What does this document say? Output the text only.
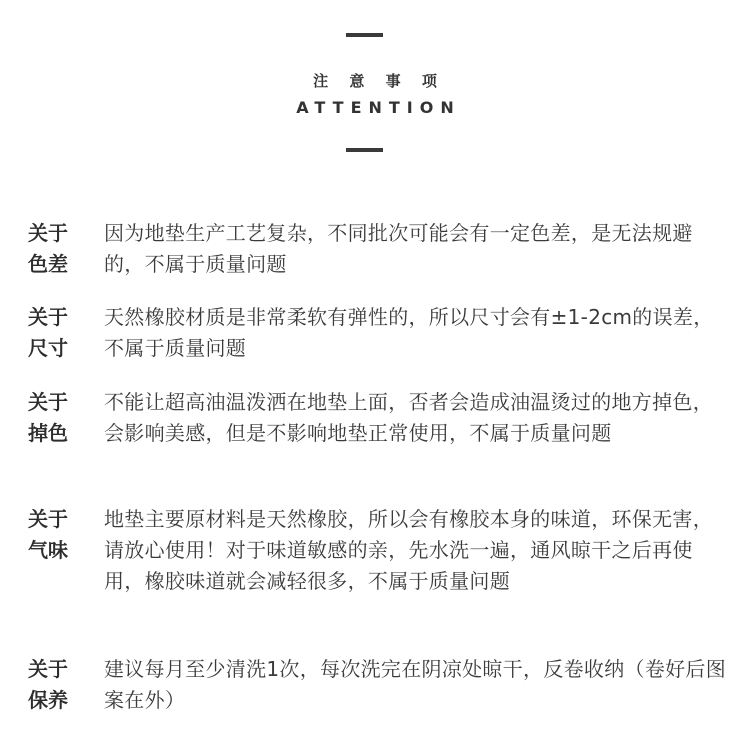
注 意 事 项
ATTENTION
关于
色差
因为地垫生产工艺复杂，不同批次可能会有一定色差，是无法规避的，不属于质量问题
关于
尺寸
天然橡胶材质是非常柔软有弹性的，所以尺寸会有±1-2cm的误差，不属于质量问题
关于
掉色
不能让超高油温泼洒在地垫上面，否者会造成油温烫过的地方掉色，会影响美感，但是不影响地垫正常使用，不属于质量问题
关于
气味
地垫主要原材料是天然橡胶，所以会有橡胶本身的味道，环保无害，请放心使用！对于味道敏感的亲，先水洗一遍，通风晾干之后再使用，橡胶味道就会减轻很多，不属于质量问题
关于
保养
建议每月至少清洗1次，每次洗完在阴凉处晾干，反卷收纳（卷好后图案在外）
